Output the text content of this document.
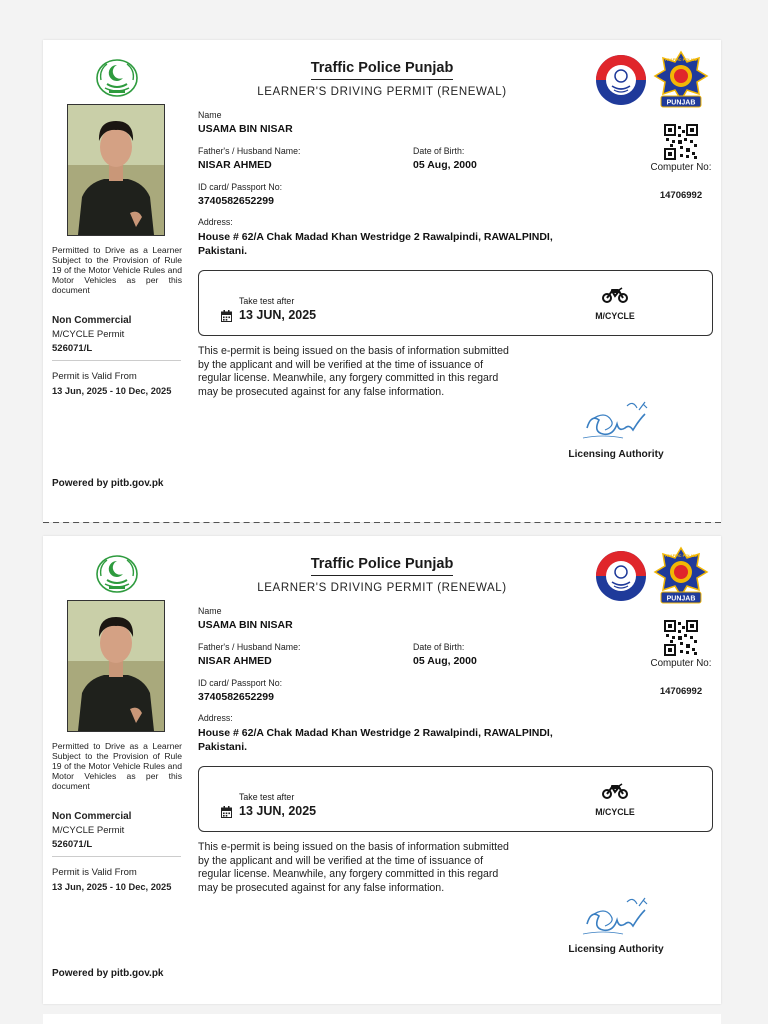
Traffic Police Punjab
LEARNER'S DRIVING PERMIT (RENEWAL)
PUNJAB
TRAFFIC POLICE
Permitted to Drive as a Learner Subject to the Provision of Rule 19 of the Motor Vehicle Rules and Motor Vehicles as per this document
Non Commercial
M/CYCLE Permit
526071/L
Permit is Valid From
13 Jun, 2025 - 10 Dec, 2025
Name
USAMA BIN NISAR
Father's / Husband Name:
NISAR AHMED
Date of Birth:
05 Aug, 2000
ID card/ Passport No:
3740582652299
Address:
House # 62/A Chak Madad Khan Westridge 2 Rawalpindi, RAWALPINDI, Pakistani.
Computer No:
14706992
Take test after
13 JUN, 2025	M/CYCLE
This e-permit is being issued on the basis of information submitted by the applicant and will be verified at the time of issuance of regular license. Meanwhile, any forgery committed in this regard may be prosecuted against for any false information.
Licensing Authority
Powered by pitb.gov.pk
Traffic Police Punjab
LEARNER'S DRIVING PERMIT (RENEWAL)
PUNJAB
TRAFFIC POLICE
Permitted to Drive as a Learner Subject to the Provision of Rule 19 of the Motor Vehicle Rules and Motor Vehicles as per this document
Non Commercial
M/CYCLE Permit
526071/L
Permit is Valid From
13 Jun, 2025 - 10 Dec, 2025
Name
USAMA BIN NISAR
Father's / Husband Name:
NISAR AHMED
Date of Birth:
05 Aug, 2000
ID card/ Passport No:
3740582652299
Address:
House # 62/A Chak Madad Khan Westridge 2 Rawalpindi, RAWALPINDI, Pakistani.
Computer No:
14706992
Take test after
13 JUN, 2025	M/CYCLE
This e-permit is being issued on the basis of information submitted by the applicant and will be verified at the time of issuance of regular license. Meanwhile, any forgery committed in this regard may be prosecuted against for any false information.
Licensing Authority
Powered by pitb.gov.pk
